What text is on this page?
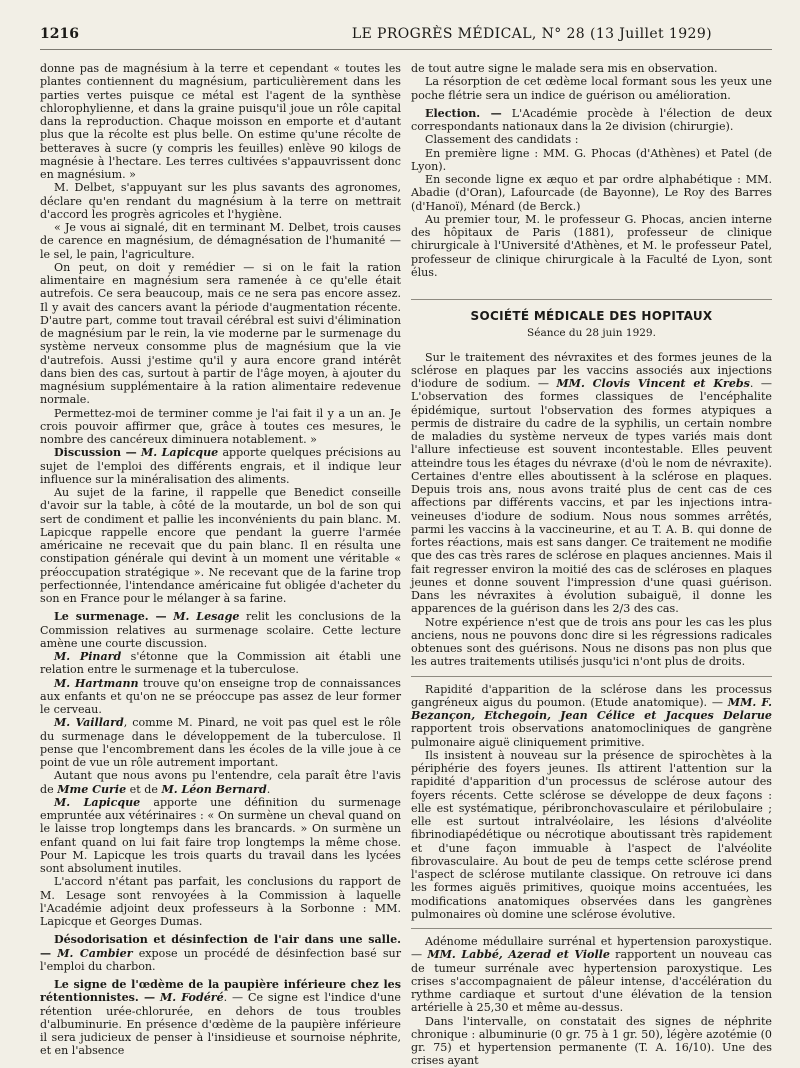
1216	LE PROGRÈS MÉDICAL, N° 28 (13 Juillet 1929)

donne pas de magnésium à la terre et cependant « toutes les plantes contiennent du magnésium, particulièrement dans les parties vertes puisque ce métal est l'agent de la synthèse chlorophylienne, et dans la graine puisqu'il joue un rôle capital dans la reproduction. Chaque moisson en emporte et d'autant plus que la récolte est plus belle. On estime qu'une récolte de betteraves à sucre (y compris les feuilles) enlève 90 kilogs de magnésie à l'hectare. Les terres cultivées s'appauvrissent donc en magnésium. »

M. Delbet, s'appuyant sur les plus savants des agronomes, déclare qu'en rendant du magnésium à la terre on mettrait d'accord les progrès agricoles et l'hygiène.

« Je vous ai signalé, dit en terminant M. Delbet, trois causes de carence en magnésium, de démagnésation de l'humanité — le sel, le pain, l'agriculture.

On peut, on doit y remédier — si on le fait la ration alimentaire en magnésium sera ramenée à ce qu'elle était autrefois. Ce sera beaucoup, mais ce ne sera pas encore assez. Il y avait des cancers avant la période d'augmentation récente. D'autre part, comme tout travail cérébral est suivi d'élimination de magnésium par le rein, la vie moderne par le surmenage du système nerveux consomme plus de magnésium que la vie d'autrefois. Aussi j'estime qu'il y aura encore grand intérêt dans bien des cas, surtout à partir de l'âge moyen, à ajouter du magnésium supplémentaire à la ration alimentaire redevenue normale.

Permettez-moi de terminer comme je l'ai fait il y a un an. Je crois pouvoir affirmer que, grâce à toutes ces mesures, le nombre des cancéreux diminuera notablement. »

Discussion — M. Lapicque apporte quelques précisions au sujet de l'emploi des différents engrais, et il indique leur influence sur la minéralisation des aliments.

Au sujet de la farine, il rappelle que Benedict conseille d'avoir sur la table, à côté de la moutarde, un bol de son qui sert de condiment et pallie les inconvénients du pain blanc. M. Lapicque rappelle encore que pendant la guerre l'armée américaine ne recevait que du pain blanc. Il en résulta une constipation générale qui devint à un moment une véritable « préoccupation stratégique ». Ne recevant que de la farine trop perfectionnée, l'intendance américaine fut obligée d'acheter du son en France pour le mélanger à sa farine.

Le surmenage. — M. Lesage relit les conclusions de la Commission relatives au surmenage scolaire. Cette lecture amène une courte discussion.

M. Pinard s'étonne que la Commission ait établi une relation entre le surmenage et la tuberculose.

M. Hartmann trouve qu'on enseigne trop de connaissances aux enfants et qu'on ne se préoccupe pas assez de leur former le cerveau.

M. Vaillard, comme M. Pinard, ne voit pas quel est le rôle du surmenage dans le développement de la tuberculose. Il pense que l'encombrement dans les écoles de la ville joue à ce point de vue un rôle autrement important.

Autant que nous avons pu l'entendre, cela paraît être l'avis de Mme Curie et de M. Léon Bernard.

M. Lapicque apporte une définition du surmenage empruntée aux vétérinaires : « On surmène un cheval quand on le laisse trop longtemps dans les brancards. » On surmène un enfant quand on lui fait faire trop longtemps la même chose. Pour M. Lapicque les trois quarts du travail dans les lycées sont absolument inutiles.

L'accord n'étant pas parfait, les conclusions du rapport de M. Lesage sont renvoyées à la Commission à laquelle l'Académie adjoint deux professeurs à la Sorbonne : MM. Lapicque et Georges Dumas.

Désodorisation et désinfection de l'air dans une salle. — M. Cambier expose un procédé de désinfection basé sur l'emploi du charbon.

Le signe de l'œdème de la paupière inférieure chez les rétentionnistes. — M. Fodéré. — Ce signe est l'indice d'une rétention urée-chlorurée, en dehors de tous troubles d'albuminurie. En présence d'œdème de la paupière inférieure il sera judicieux de penser à l'insidieuse et sournoise néphrite, et en l'absence

de tout autre signe le malade sera mis en observation.

La résorption de cet œdème local formant sous les yeux une poche flétrie sera un indice de guérison ou amélioration.

Election. — L'Académie procède à l'élection de deux correspondants nationaux dans la 2e division (chirurgie).

Classement des candidats :

En première ligne : MM. G. Phocas (d'Athènes) et Patel (de Lyon).

En seconde ligne ex æquo et par ordre alphabétique : MM. Abadie (d'Oran), Lafourcade (de Bayonne), Le Roy des Barres (d'Hanoï), Ménard (de Berck.)

Au premier tour, M. le professeur G. Phocas, ancien interne des hôpitaux de Paris (1881), professeur de clinique chirurgicale à l'Université d'Athènes, et M. le professeur Patel, professeur de clinique chirurgicale à la Faculté de Lyon, sont élus.

SOCIÉTÉ MÉDICALE DES HOPITAUX
Séance du 28 juin 1929.

Sur le traitement des névraxites et des formes jeunes de la sclérose en plaques par les vaccins associés aux injections d'iodure de sodium. — MM. Clovis Vincent et Krebs. — L'observation des formes classiques de l'encéphalite épidémique, surtout l'observation des formes atypiques a permis de distraire du cadre de la syphilis, un certain nombre de maladies du système nerveux de types variés mais dont l'allure infectieuse est souvent incontestable. Elles peuvent atteindre tous les étages du névraxe (d'où le nom de névraxite). Certaines d'entre elles aboutissent à la sclérose en plaques. Depuis trois ans, nous avons traité plus de cent cas de ces affections par différents vaccins, et par les injections intra-veineuses d'iodure de sodium. Nous nous sommes arrêtés, parmi les vaccins à la vaccineurine, et au T. A. B. qui donne de fortes réactions, mais est sans danger. Ce traitement ne modifie que des cas très rares de sclérose en plaques anciennes. Mais il fait regresser environ la moitié des cas de scléroses en plaques jeunes et donne souvent l'impression d'une quasi guérison. Dans les névraxites à évolution subaiguë, il donne les apparences de la guérison dans les 2/3 des cas.

Notre expérience n'est que de trois ans pour les cas les plus anciens, nous ne pouvons donc dire si les régressions radicales obtenues sont des guérisons. Nous ne disons pas non plus que les autres traitements utilisés jusqu'ici n'ont plus de droits.

Rapidité d'apparition de la sclérose dans les processus gangréneux aigus du poumon. (Etude anatomique). — MM. F. Bezançon, Etchegoin, Jean Célice et Jacques Delarue rapportent trois observations anatomocliniques de gangrène pulmonaire aiguë cliniquement primitive.

Ils insistent à nouveau sur la présence de spirochètes à la périphérie des foyers jeunes. Ils attirent l'attention sur la rapidité d'apparition d'un processus de sclérose autour des foyers récents. Cette sclérose se développe de deux façons : elle est systématique, péribronchovasculaire et périlobulaire ; elle est surtout intralvéolaire, les lésions d'alvéolite fibrinodiapédétique ou nécrotique aboutissant très rapidement et d'une façon immuable à l'aspect de l'alvéolite fibrovasculaire. Au bout de peu de temps cette sclérose prend l'aspect de sclérose mutilante classique. On retrouve ici dans les formes aiguës primitives, quoique moins accentuées, les modifications anatomiques observées dans les gangrènes pulmonaires où domine une sclérose évolutive.

Adénome médullaire surrénal et hypertension paroxystique. — MM. Labbé, Azerad et Violle rapportent un nouveau cas de tumeur surrénale avec hypertension paroxystique. Les crises s'accompagnaient de pâleur intense, d'accélération du rythme cardiaque et surtout d'une élévation de la tension artérielle à 25,30 et même au-dessus.

Dans l'intervalle, on constatait des signes de néphrite chronique : albuminurie (0 gr. 75 à 1 gr. 50), légère azotémie (0 gr. 75) et hypertension permanente (T. A. 16/10). Une des crises ayant
